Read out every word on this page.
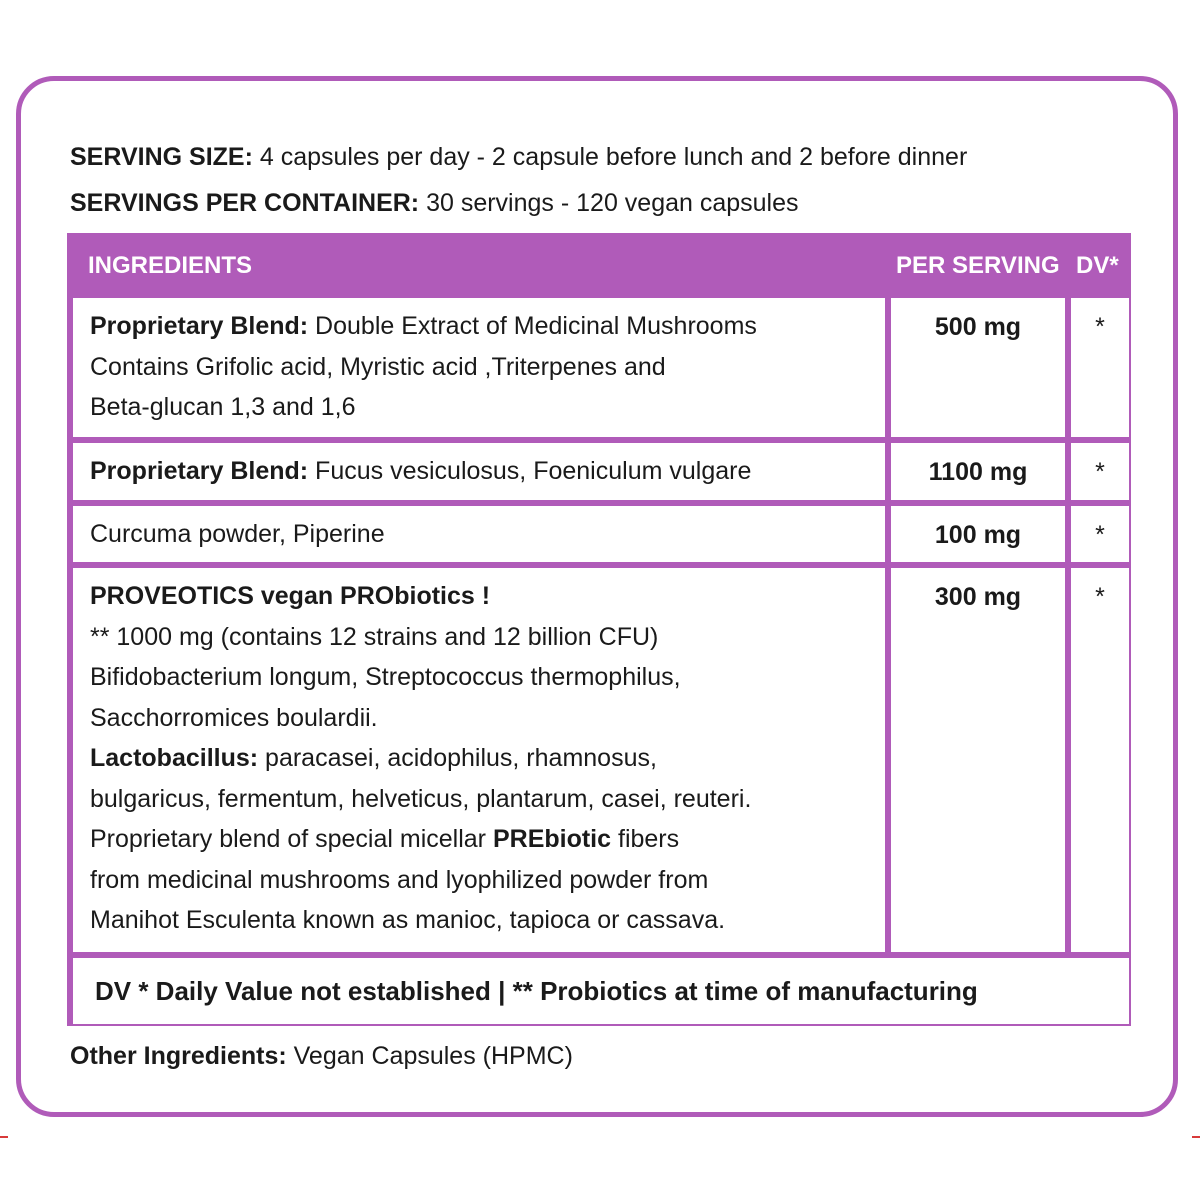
SERVING SIZE: 4 capsules per day - 2 capsule before lunch and 2 before dinner
SERVINGS PER CONTAINER: 30 servings - 120 vegan capsules
INGREDIENTS	PER SERVING DV*
Proprietary Blend: Double Extract of Medicinal Mushrooms
Contains Grifolic acid, Myristic acid ,Triterpenes and
Beta-glucan 1,3 and 1,6
500 mg	*
Proprietary Blend: Fucus vesiculosus, Foeniculum vulgare	1100 mg	*
Curcuma powder, Piperine	100 mg	*
PROVEOTICS vegan PRObiotics !
** 1000 mg (contains 12 strains and 12 billion CFU)
Bifidobacterium longum, Streptococcus thermophilus,
Sacchorromices boulardii.
Lactobacillus: paracasei, acidophilus, rhamnosus,
bulgaricus, fermentum, helveticus, plantarum, casei, reuteri.
Proprietary blend of special micellar PREbiotic fibers
from medicinal mushrooms and lyophilized powder from
Manihot Esculenta known as manioc, tapioca or cassava.
300 mg	*
DV * Daily Value not established | ** Probiotics at time of manufacturing
Other Ingredients: Vegan Capsules (HPMC)
